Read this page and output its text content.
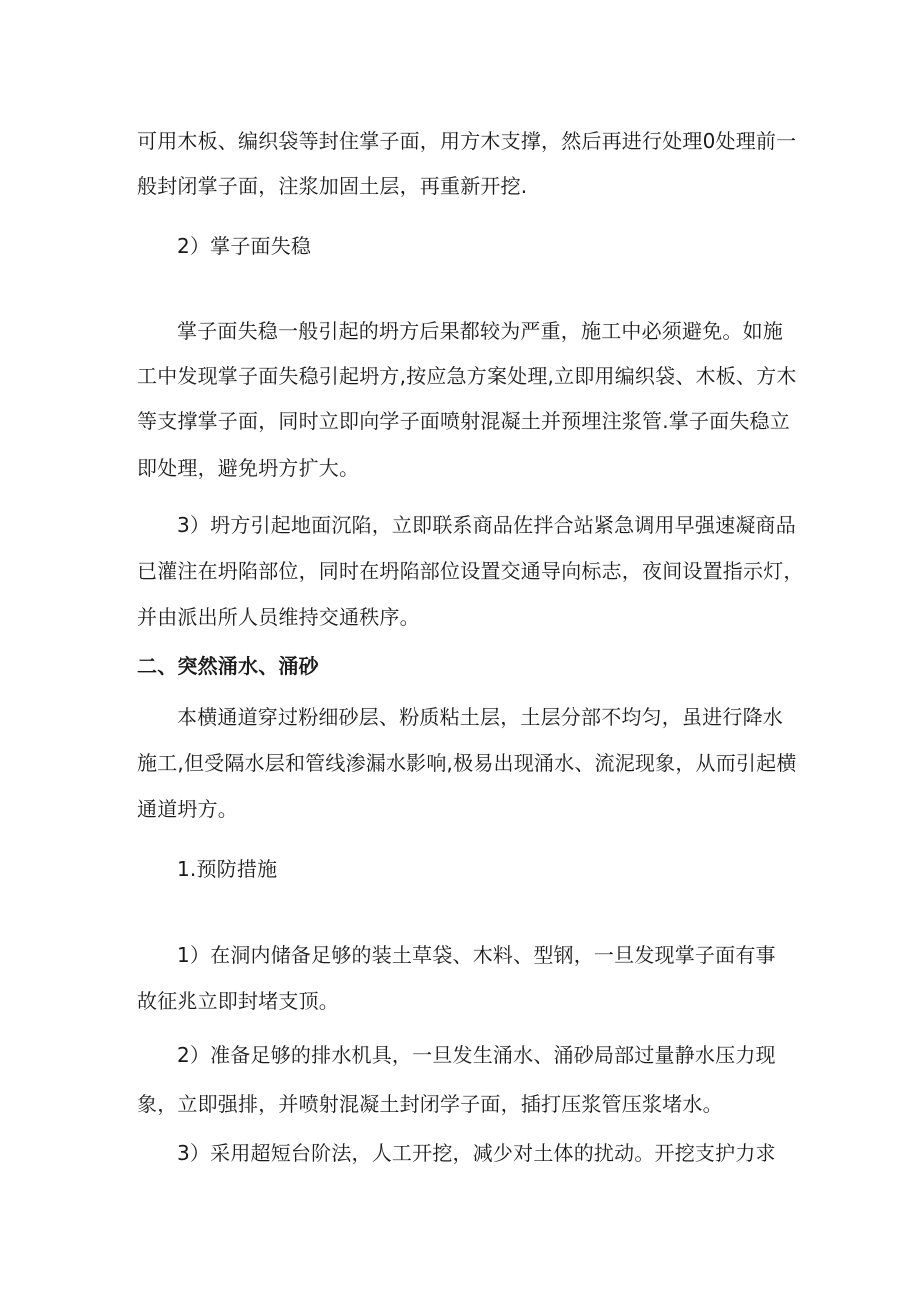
可用木板、编织袋等封住掌子面，用方木支撑，然后再进行处理0处理前一
般封闭掌子面，注浆加固土层，再重新开挖.
2）掌子面失稳
掌子面失稳一般引起的坍方后果都较为严重，施工中必须避免。如施
工中发现掌子面失稳引起坍方,按应急方案处理,立即用编织袋、木板、方木
等支撑掌子面，同时立即向学子面喷射混凝土并预埋注浆管.掌子面失稳立
即处理，避免坍方扩大。
3）坍方引起地面沉陷，立即联系商品佐拌合站紧急调用早强速凝商品
已灌注在坍陷部位，同时在坍陷部位设置交通导向标志，夜间设置指示灯，
并由派出所人员维持交通秩序。
二、突然涌水、涌砂
本横通道穿过粉细砂层、粉质粘土层，土层分部不均匀，虽进行降水
施工,但受隔水层和管线渗漏水影响,极易出现涌水、流泥现象，从而引起横
通道坍方。
1.预防措施
1）在洞内储备足够的装土草袋、木料、型钢，一旦发现掌子面有事
故征兆立即封堵支顶。
2）准备足够的排水机具，一旦发生涌水、涌砂局部过量静水压力现
象，立即强排，并喷射混凝土封闭学子面，插打压浆管压浆堵水。
3）采用超短台阶法，人工开挖，减少对土体的扰动。开挖支护力求
